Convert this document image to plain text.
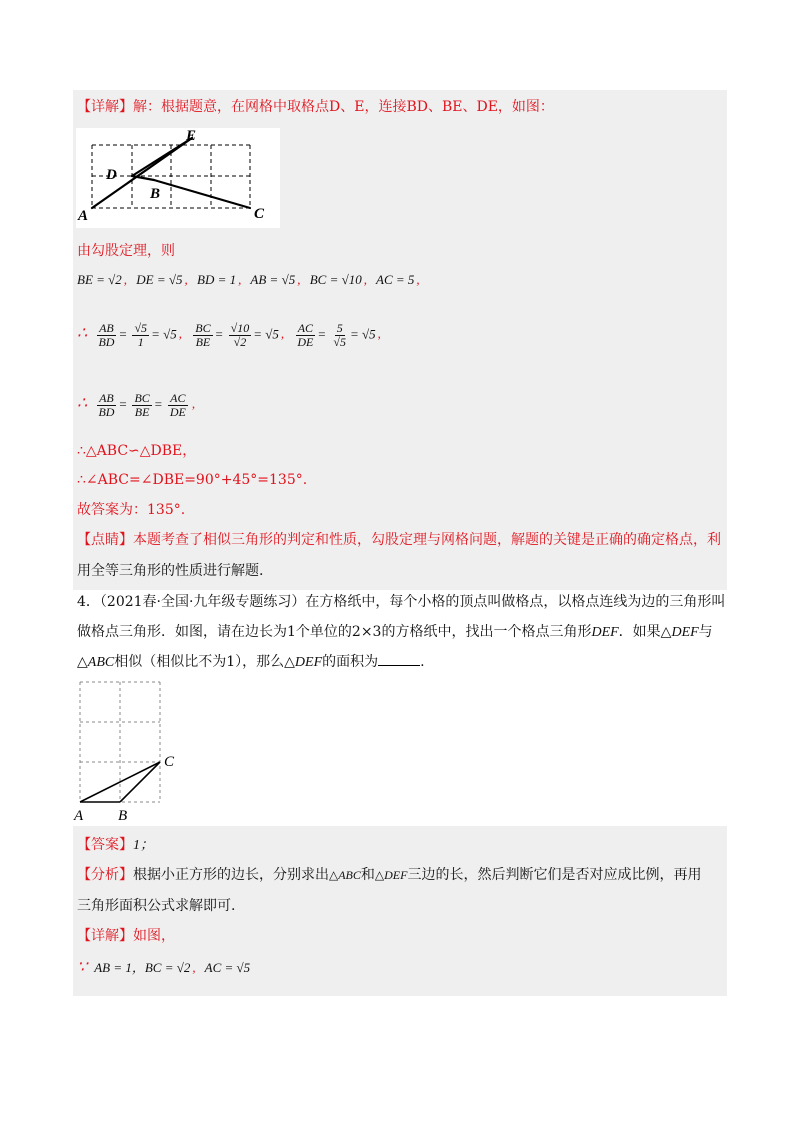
【详解】解：根据题意，在网格中取格点D、E，连接BD、BE、DE，如图：
E
D
B
A	C
由勾股定理，则
BE = √2 , DE = √5 , BD = 1 , AB = √5 , BC = √10 , AC = 5 ,
∴ $\frac{AB}{BD} = \frac{√5}{1} = √5$ , $\frac{BC}{BE} = \frac{√10}{√2} = √5$ , $\frac{AC}{DE} = \frac{5}{√5} = √5$ ,
∴ $\frac{AB}{BD} = \frac{BC}{BE} = \frac{AC}{DE}$ ,
∴△ABC∽△DBE，
∴∠ABC=∠DBE=90°+45°=135°.
故答案为：135°.
【点睛】本题考查了相似三角形的判定和性质，勾股定理与网格问题，解题的关键是正确的确定格点，利
用全等三角形的性质进行解题.
4．（2021春·全国·九年级专题练习）在方格纸中，每个小格的顶点叫做格点，以格点连线为边的三角形叫
做格点三角形．如图，请在边长为1个单位的2×3的方格纸中，找出一个格点三角形DEF．如果△DEF与
△ABC相似（相似比不为1），那么△DEF的面积为	.
C
A B
【答案】1；
【分析】根据小正方形的边长，分别求出△ABC和△DEF三边的长，然后判断它们是否对应成比例，再用
三角形面积公式求解即可.
【详解】如图，
∵ AB = 1，BC = √2 , AC = √5
